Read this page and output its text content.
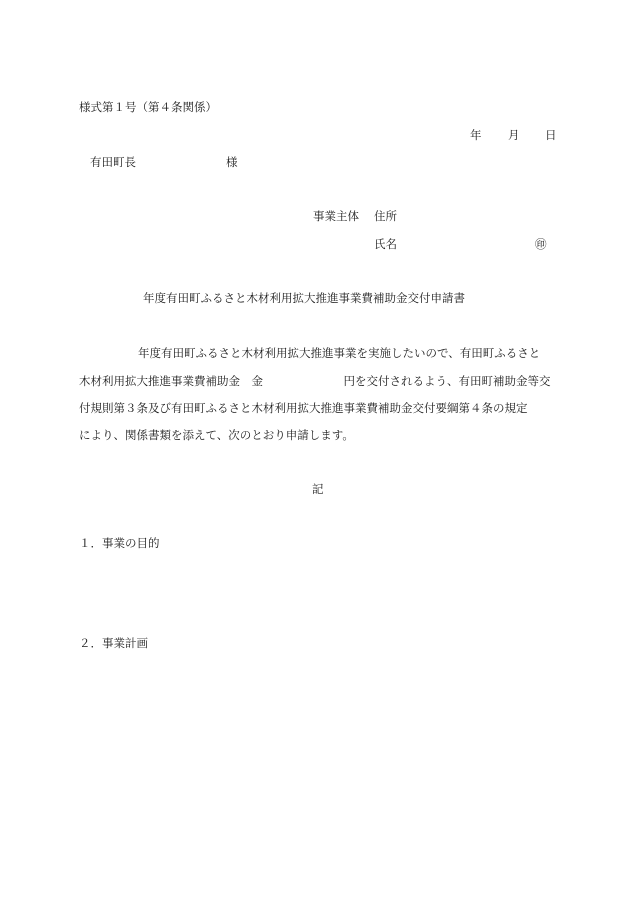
様式第１号（第４条関係）
年 月 日
有田町長	様
事業主体 住所
氏名	㊞
年度有田町ふるさと木材利用拡大推進事業費補助金交付申請書
年度有田町ふるさと木材利用拡大推進事業を実施したいので、有田町ふるさと
木材利用拡大推進事業費補助金　金　　　　　　　円を交付されるよう、有田町補助金等交
付規則第３条及び有田町ふるさと木材利用拡大推進事業費補助金交付要綱第４条の規定
により、関係書類を添えて、次のとおり申請します。
記
１．事業の目的
２．事業計画
